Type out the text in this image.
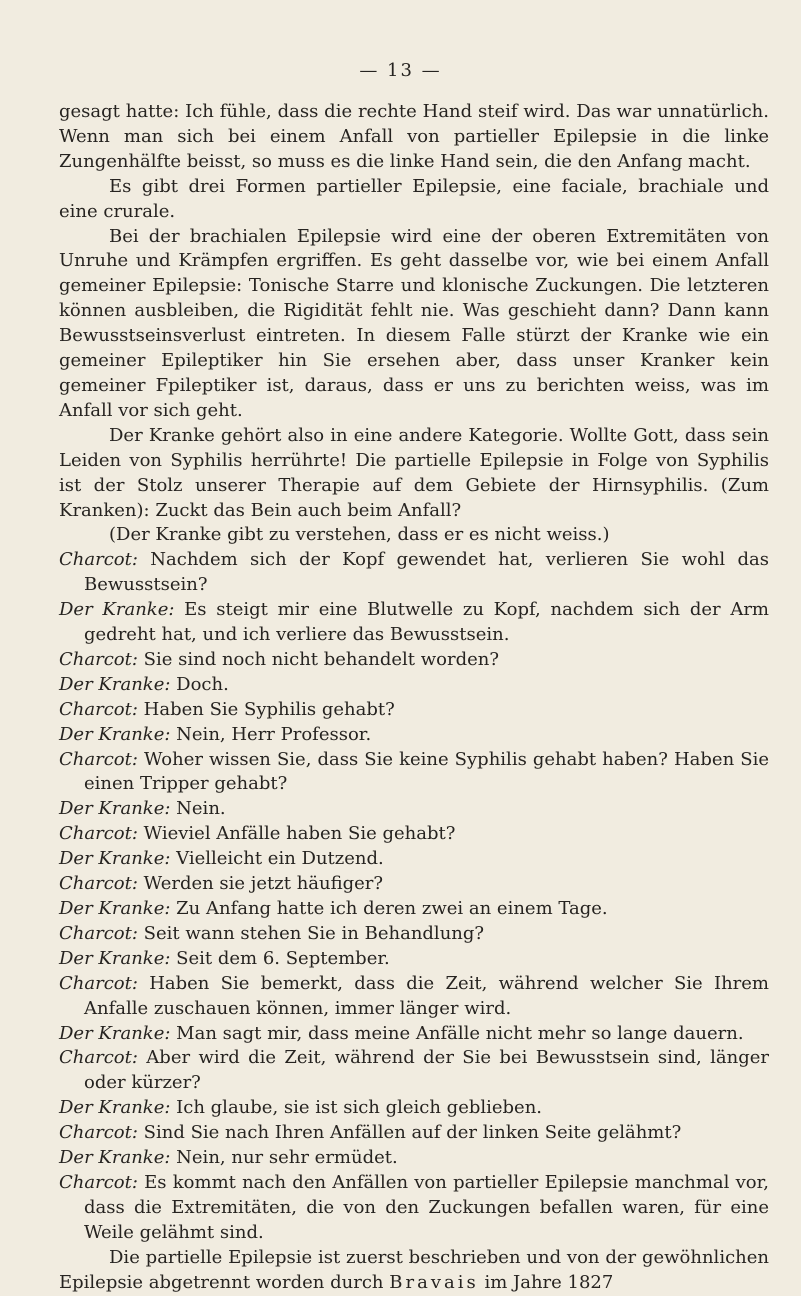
— 13 —

gesagt hatte: Ich fühle, dass die rechte Hand steif wird. Das war unnatürlich. Wenn man sich bei einem Anfall von partieller Epilepsie in die linke Zungenhälfte beisst, so muss es die linke Hand sein, die den Anfang macht.

Es gibt drei Formen partieller Epilepsie, eine faciale, brachiale und eine crurale.

Bei der brachialen Epilepsie wird eine der oberen Extremitäten von Unruhe und Krämpfen ergriffen. Es geht dasselbe vor, wie bei einem Anfall gemeiner Epilepsie: Tonische Starre und klonische Zuckungen. Die letzteren können ausbleiben, die Rigidität fehlt nie. Was geschieht dann? Dann kann Bewusstseinsverlust eintreten. In diesem Falle stürzt der Kranke wie ein gemeiner Epileptiker hin Sie ersehen aber, dass unser Kranker kein gemeiner Fpileptiker ist, daraus, dass er uns zu berichten weiss, was im Anfall vor sich geht.

Der Kranke gehört also in eine andere Kategorie. Wollte Gott, dass sein Leiden von Syphilis herrührte! Die partielle Epilepsie in Folge von Syphilis ist der Stolz unserer Therapie auf dem Gebiete der Hirnsyphilis. (Zum Kranken): Zuckt das Bein auch beim Anfall?

(Der Kranke gibt zu verstehen, dass er es nicht weiss.)

Charcot: Nachdem sich der Kopf gewendet hat, verlieren Sie wohl das Bewusstsein?

Der Kranke: Es steigt mir eine Blutwelle zu Kopf, nachdem sich der Arm gedreht hat, und ich verliere das Bewusstsein.

Charcot: Sie sind noch nicht behandelt worden?

Der Kranke: Doch.

Charcot: Haben Sie Syphilis gehabt?

Der Kranke: Nein, Herr Professor.

Charcot: Woher wissen Sie, dass Sie keine Syphilis gehabt haben? Haben Sie einen Tripper gehabt?

Der Kranke: Nein.

Charcot: Wieviel Anfälle haben Sie gehabt?

Der Kranke: Vielleicht ein Dutzend.

Charcot: Werden sie jetzt häufiger?

Der Kranke: Zu Anfang hatte ich deren zwei an einem Tage.

Charcot: Seit wann stehen Sie in Behandlung?

Der Kranke: Seit dem 6. September.

Charcot: Haben Sie bemerkt, dass die Zeit, während welcher Sie Ihrem Anfalle zuschauen können, immer länger wird.

Der Kranke: Man sagt mir, dass meine Anfälle nicht mehr so lange dauern.

Charcot: Aber wird die Zeit, während der Sie bei Bewusstsein sind, länger oder kürzer?

Der Kranke: Ich glaube, sie ist sich gleich geblieben.

Charcot: Sind Sie nach Ihren Anfällen auf der linken Seite gelähmt?

Der Kranke: Nein, nur sehr ermüdet.

Charcot: Es kommt nach den Anfällen von partieller Epilepsie manchmal vor, dass die Extremitäten, die von den Zuckungen befallen waren, für eine Weile gelähmt sind.

Die partielle Epilepsie ist zuerst beschrieben und von der gewöhnlichen Epilepsie abgetrennt worden durch Bravais im Jahre 1827
